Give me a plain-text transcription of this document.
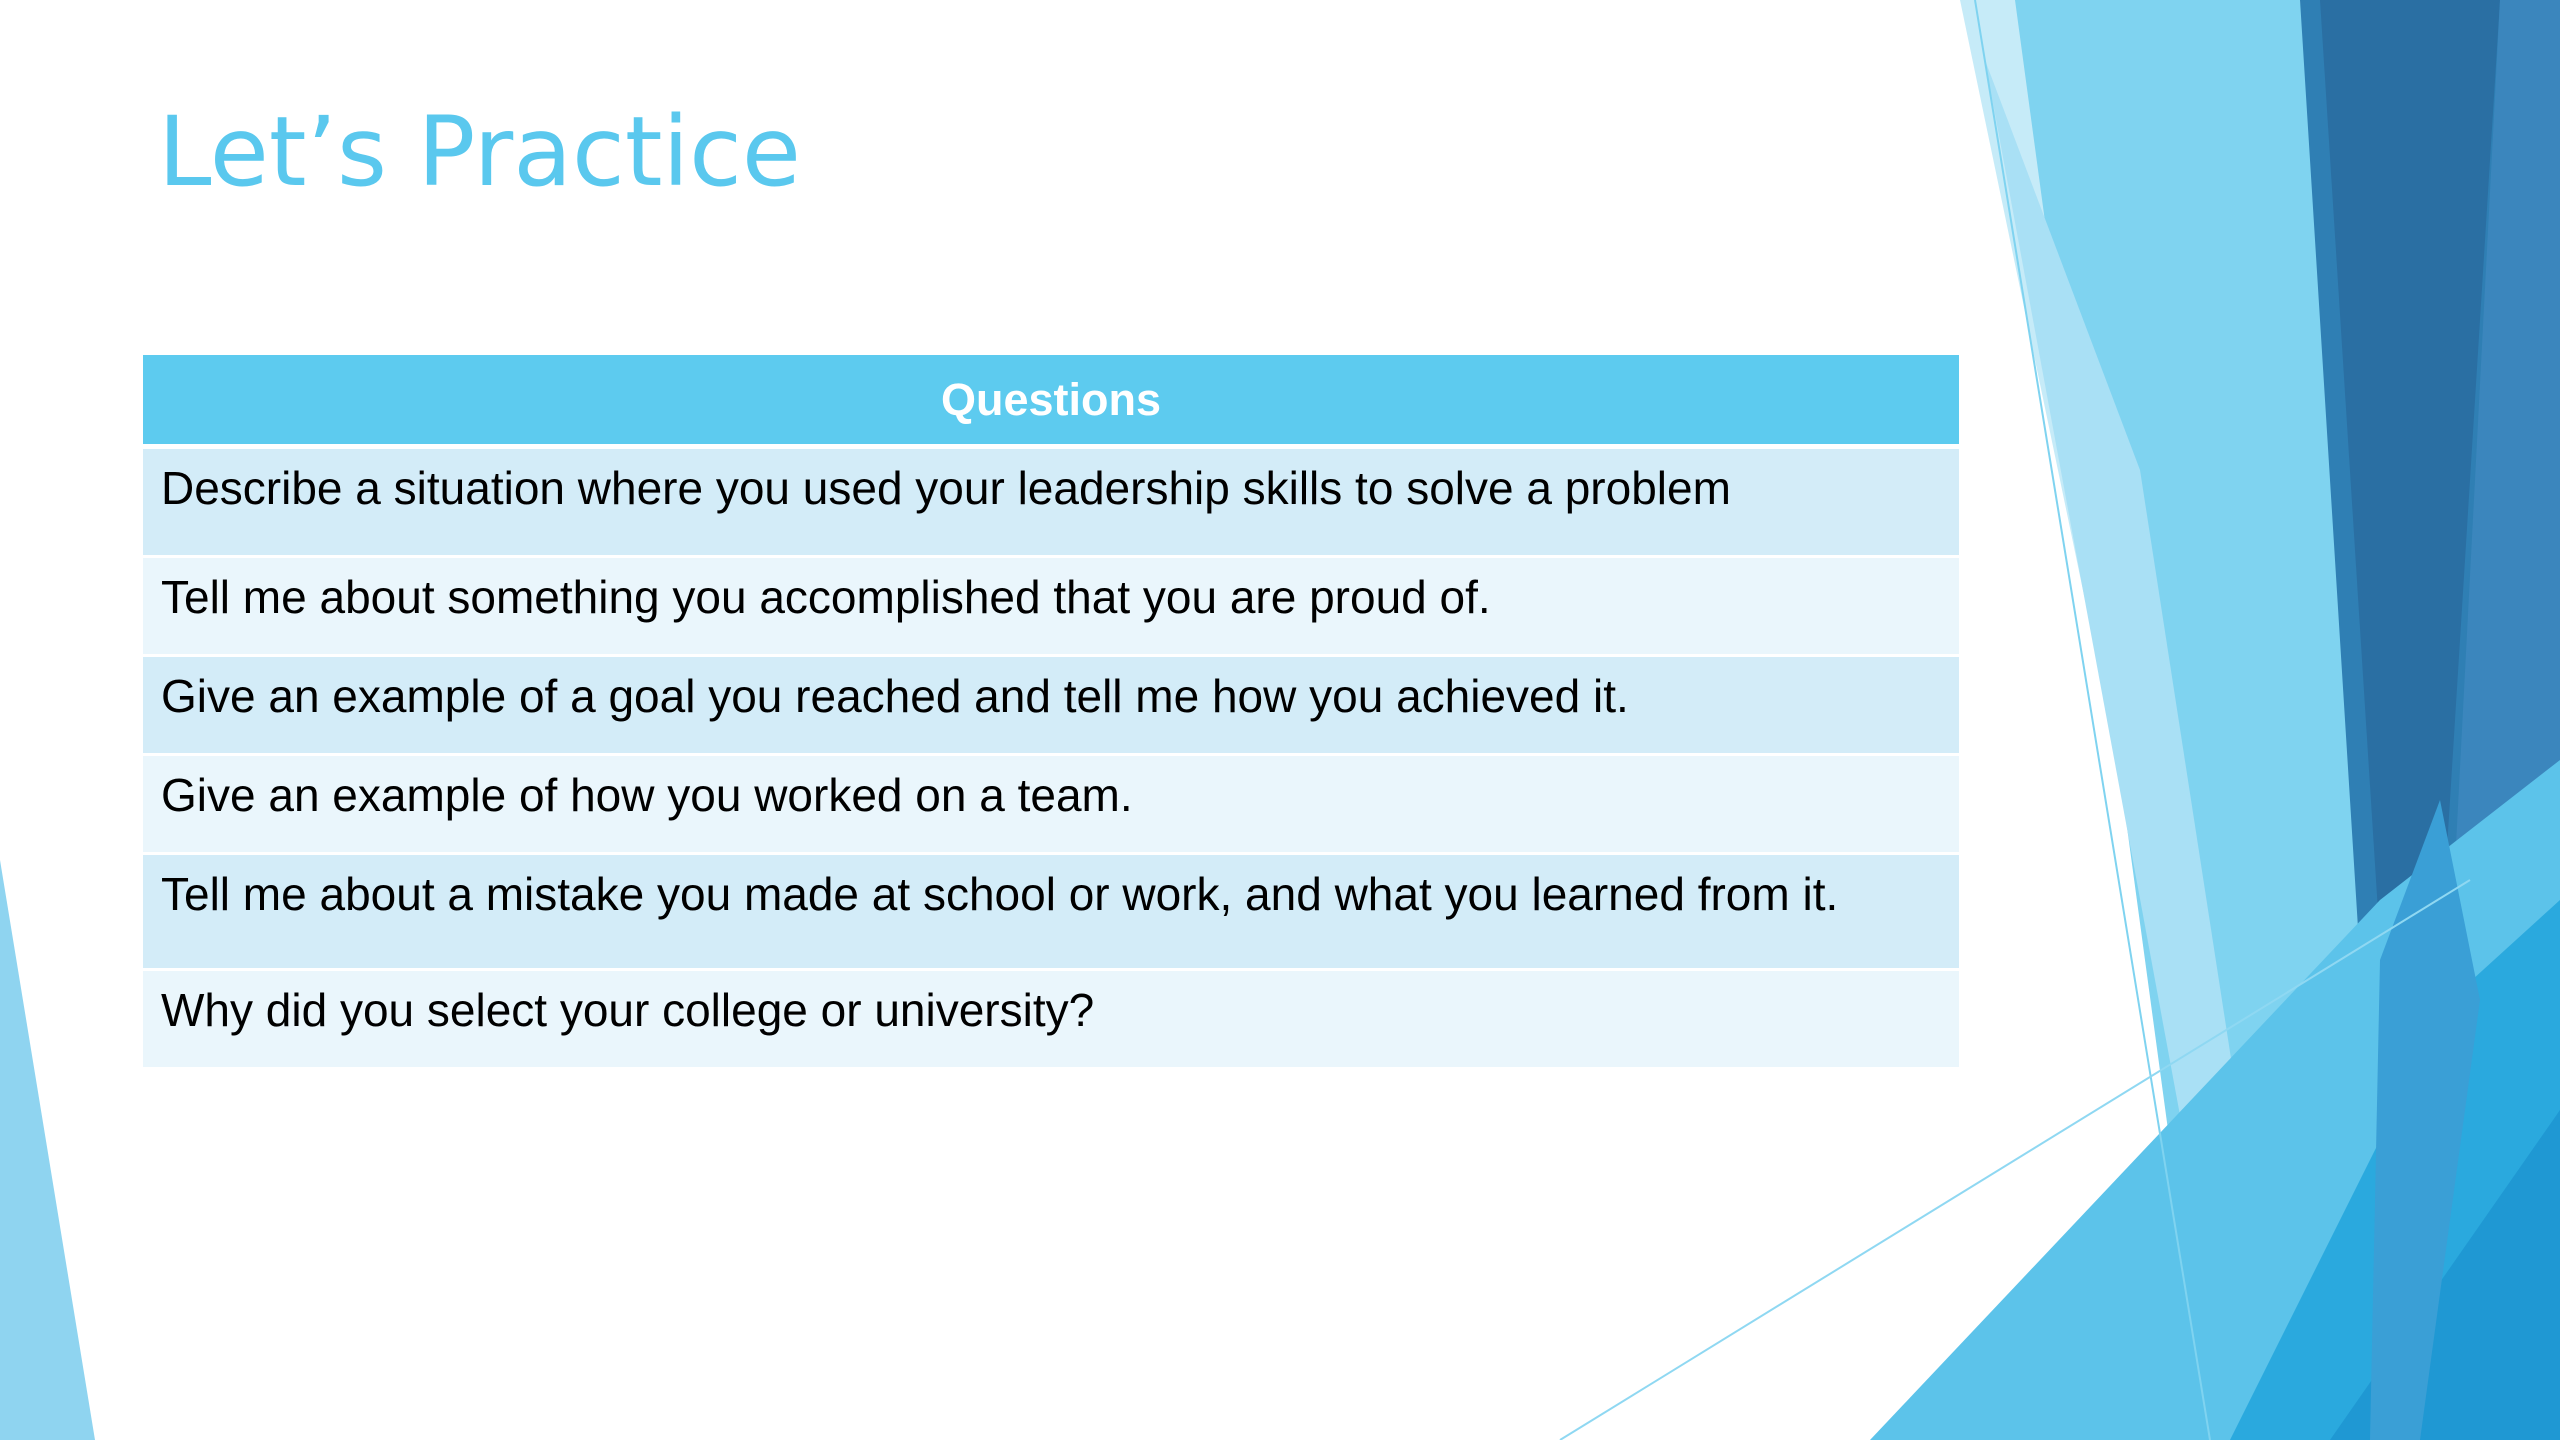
Let’s Practice
Questions
Describe a situation where you used your leadership skills to solve a problem
Tell me about something you accomplished that you are proud of.
Give an example of a goal you reached and tell me how you achieved it.
Give an example of how you worked on a team.
Tell me about a mistake you made at school or work, and what you learned from it.
Why did you select your college or university?
